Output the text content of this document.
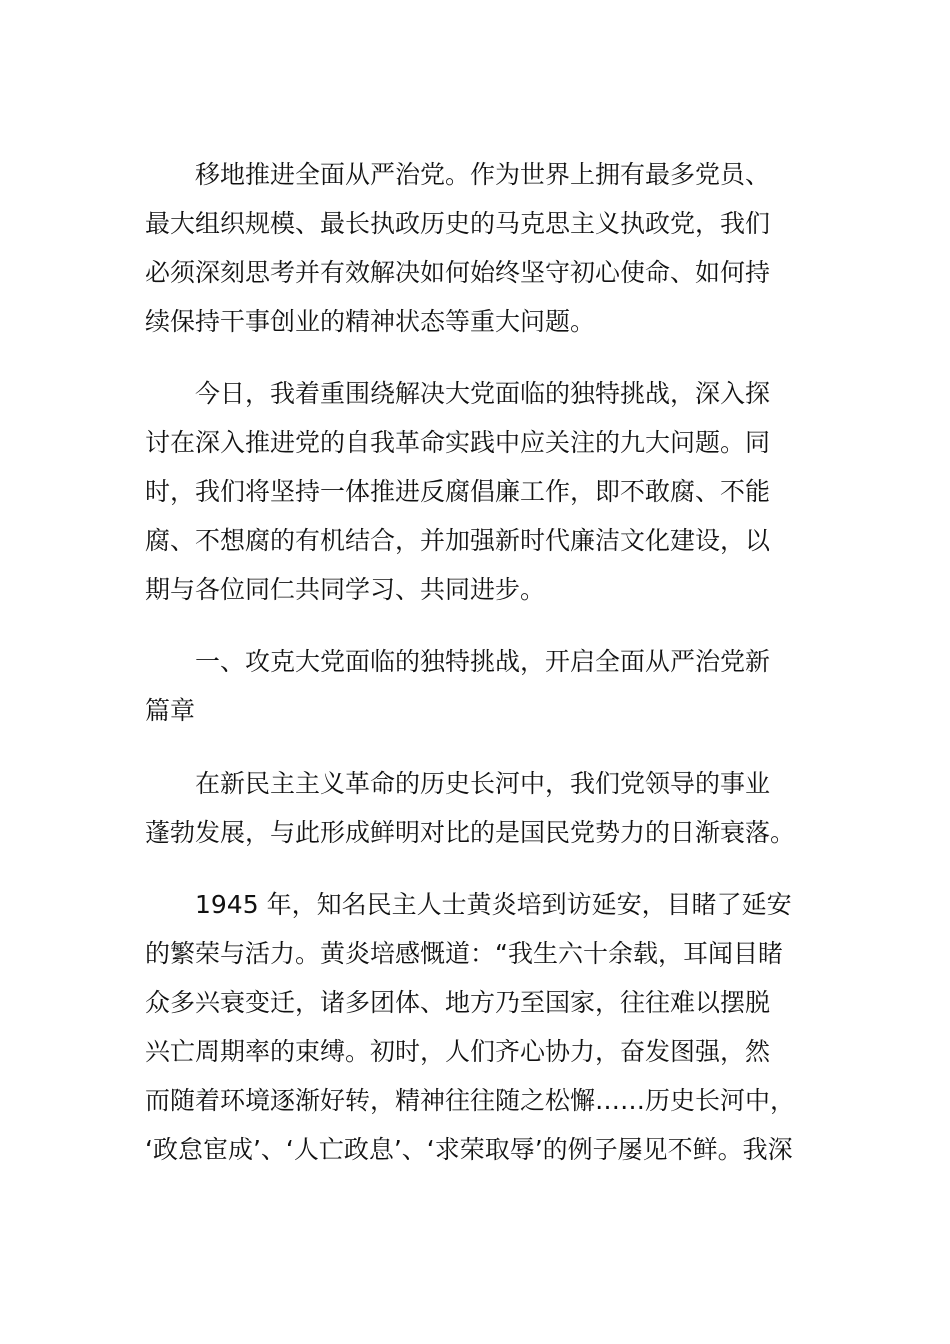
移地推进全面从严治党。作为世界上拥有最多党员、
最大组织规模、最长执政历史的马克思主义执政党，我们
必须深刻思考并有效解决如何始终坚守初心使命、如何持
续保持干事创业的精神状态等重大问题。
今日，我着重围绕解决大党面临的独特挑战，深入探
讨在深入推进党的自我革命实践中应关注的九大问题。同
时，我们将坚持一体推进反腐倡廉工作，即不敢腐、不能
腐、不想腐的有机结合，并加强新时代廉洁文化建设，以
期与各位同仁共同学习、共同进步。
一、攻克大党面临的独特挑战，开启全面从严治党新
篇章
在新民主主义革命的历史长河中，我们党领导的事业
蓬勃发展，与此形成鲜明对比的是国民党势力的日渐衰落。
1945 年，知名民主人士黄炎培到访延安，目睹了延安
的繁荣与活力。黄炎培感慨道：“我生六十余载，耳闻目睹
众多兴衰变迁，诸多团体、地方乃至国家，往往难以摆脱
兴亡周期率的束缚。初时，人们齐心协力，奋发图强，然
而随着环境逐渐好转，精神往往随之松懈……历史长河中，
‘政怠宦成’、‘人亡政息’、‘求荣取辱’的例子屡见不鲜。我深
